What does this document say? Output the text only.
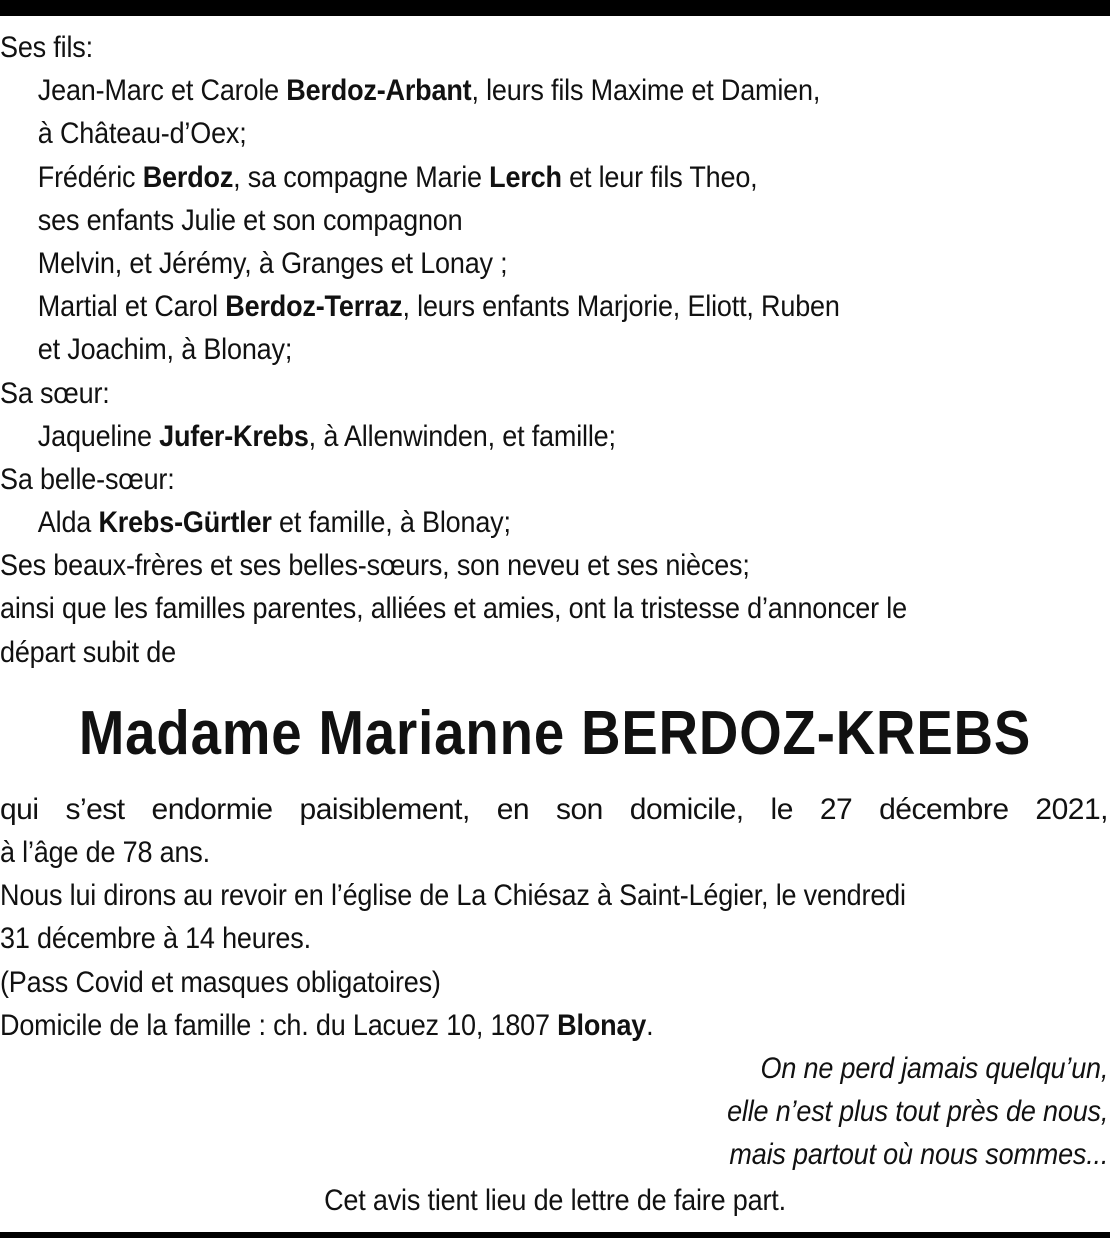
Ses fils:
Jean-Marc et Carole Berdoz-Arbant, leurs fils Maxime et Damien,
à Château-d’Oex;
Frédéric Berdoz, sa compagne Marie Lerch et leur fils Theo,
ses enfants Julie et son compagnon
Melvin, et Jérémy, à Granges et Lonay ;
Martial et Carol Berdoz-Terraz, leurs enfants Marjorie, Eliott, Ruben
et Joachim, à Blonay;
Sa sœur:
Jaqueline Jufer-Krebs, à Allenwinden, et famille;
Sa belle-sœur:
Alda Krebs-Gürtler et famille, à Blonay;
Ses beaux-frères et ses belles-sœurs, son neveu et ses nièces;
ainsi que les familles parentes, alliées et amies, ont la tristesse d’annoncer le
départ subit de
Madame Marianne BERDOZ-KREBS
qui s’est endormie paisiblement, en son domicile, le 27 décembre 2021,
à l’âge de 78 ans.
Nous lui dirons au revoir en l’église de La Chiésaz à Saint-Légier, le vendredi
31 décembre à 14 heures.
(Pass Covid et masques obligatoires)
Domicile de la famille : ch. du Lacuez 10, 1807 Blonay.
On ne perd jamais quelqu’un,
elle n’est plus tout près de nous,
mais partout où nous sommes...
Cet avis tient lieu de lettre de faire part.
